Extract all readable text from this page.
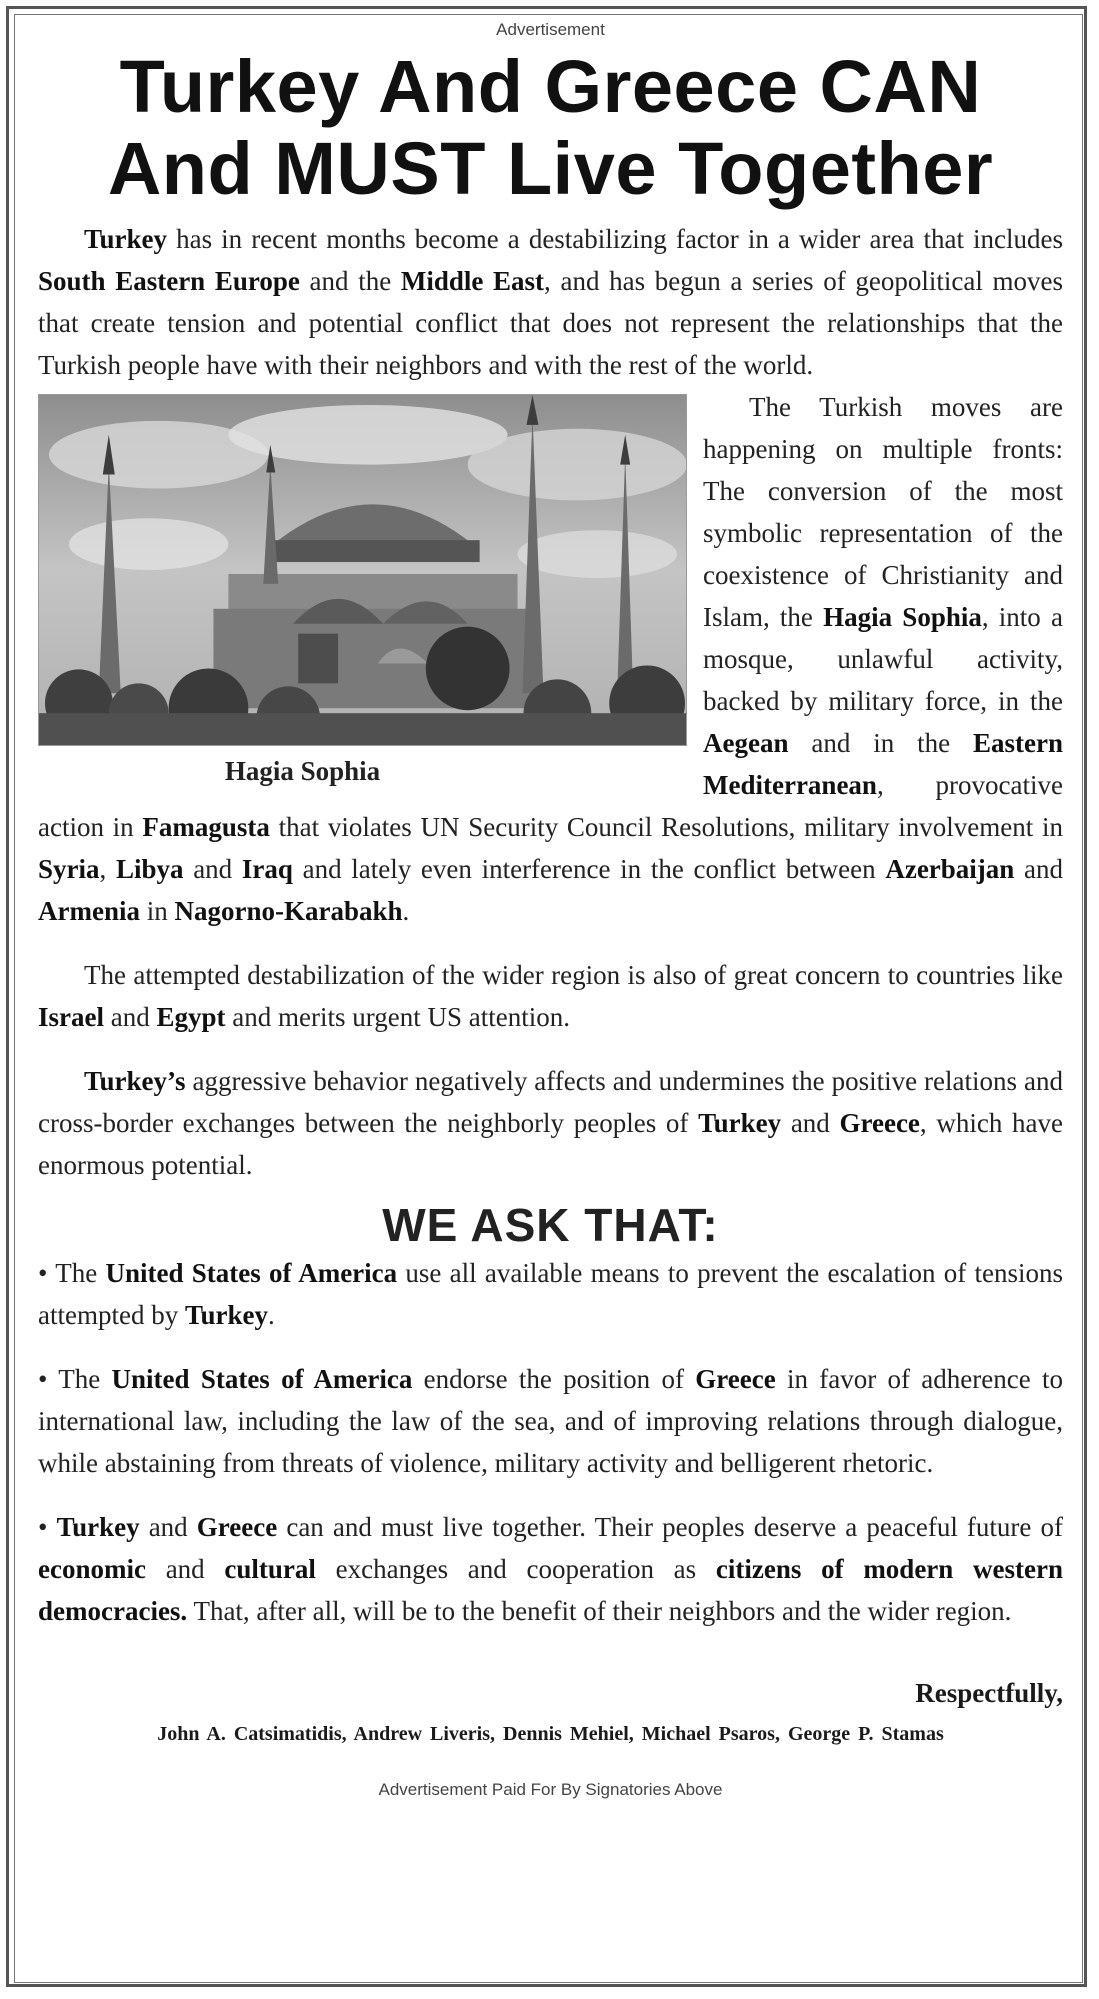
Advertisement
Turkey And Greece CAN
And MUST Live Together

Turkey has in recent months become a destabilizing factor in a wider area that includes South Eastern Europe and the Middle East, and has begun a series of geopolitical moves that create tension and potential conflict that does not represent the relationships that the Turkish people have with their neighbors and with the rest of the world.

Hagia Sophia

The Turkish moves are happening on multiple fronts: The conversion of the most symbolic representation of the coexistence of Christianity and Islam, the Hagia Sophia, into a mosque, unlawful activity, backed by military force, in the Aegean and in the Eastern Mediterranean, provocative action in Famagusta that violates UN Security Council Resolutions, military involvement in Syria, Libya and Iraq and lately even interference in the conflict between Azerbaijan and Armenia in Nagorno-Karabakh.

The attempted destabilization of the wider region is also of great concern to countries like Israel and Egypt and merits urgent US attention.

Turkey’s aggressive behavior negatively affects and undermines the positive relations and cross-border exchanges between the neighborly peoples of Turkey and Greece, which have enormous potential.

WE ASK THAT:

• The United States of America use all available means to prevent the escalation of tensions attempted by Turkey.

• The United States of America endorse the position of Greece in favor of adherence to international law, including the law of the sea, and of improving relations through dialogue, while abstaining from threats of violence, military activity and belligerent rhetoric.

• Turkey and Greece can and must live together. Their peoples deserve a peaceful future of economic and cultural exchanges and cooperation as citizens of modern western democracies. That, after all, will be to the benefit of their neighbors and the wider region.

Respectfully,
John A. Catsimatidis, Andrew Liveris, Dennis Mehiel, Michael Psaros, George P. Stamas
Advertisement Paid For By Signatories Above
